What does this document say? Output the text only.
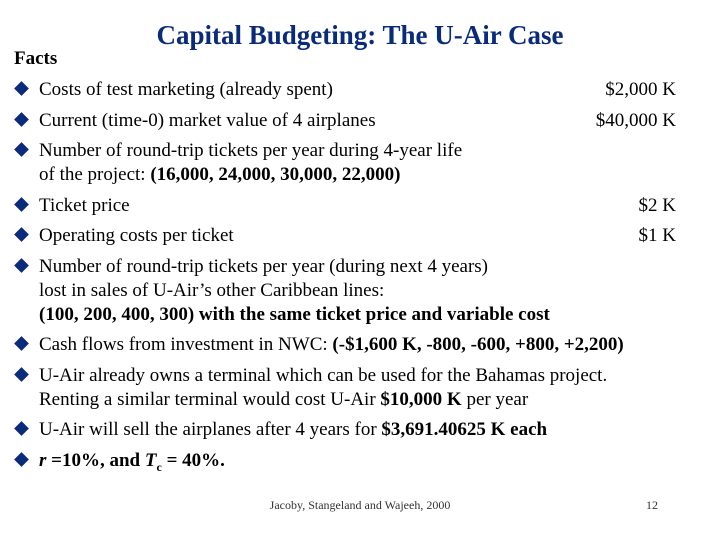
Capital Budgeting: The U-Air Case
Facts
Costs of test marketing (already spent)	$2,000 K
Current (time-0) market value of 4 airplanes	$40,000 K
Number of round-trip tickets per year during 4-year life
of the project: (16,000, 24,000, 30,000, 22,000)
Ticket price	$2 K
Operating costs per ticket	$1 K
Number of round-trip tickets per year (during next 4 years)
lost in sales of U-Air’s other Caribbean lines:
(100, 200, 400, 300) with the same ticket price and variable cost
Cash flows from investment in NWC: (-$1,600 K, -800, -600, +800, +2,200)
U-Air already owns a terminal which can be used for the Bahamas project.
Renting a similar terminal would cost U-Air $10,000 K per year
U-Air will sell the airplanes after 4 years for $3,691.40625 K each
r =10%, and $T_c = 40\%$.
Jacoby, Stangeland and Wajeeh, 2000	12
